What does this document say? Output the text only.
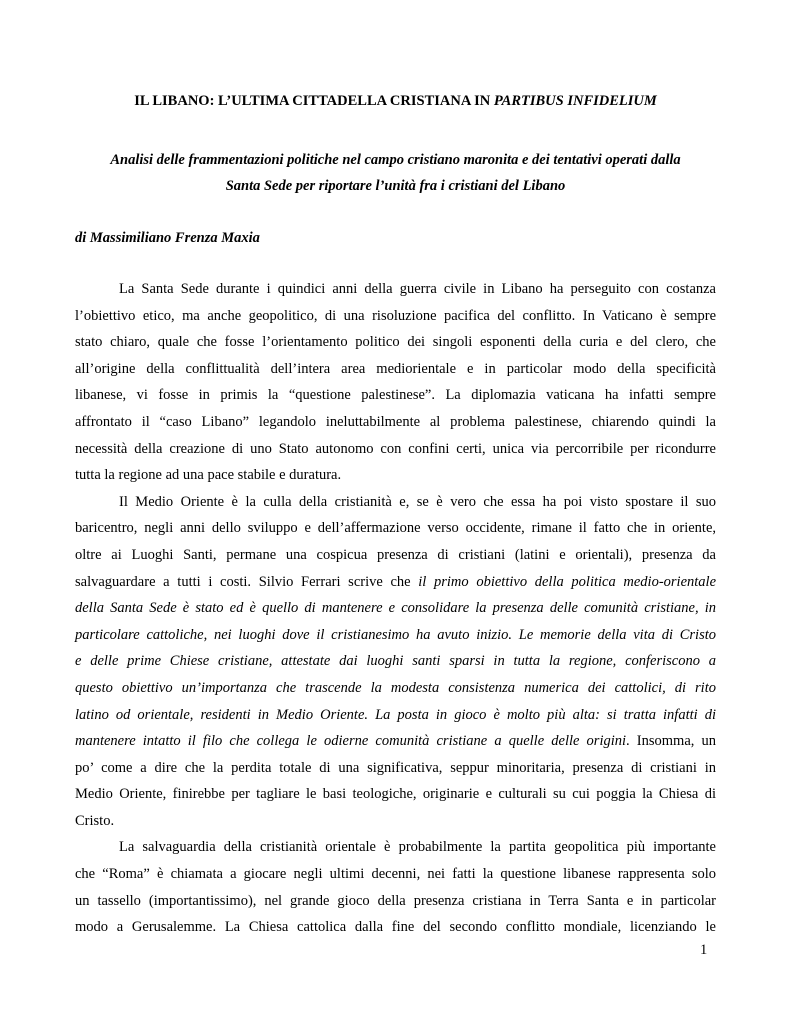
IL LIBANO: L’ULTIMA CITTADELLA CRISTIANA IN PARTIBUS INFIDELIUM
Analisi delle frammentazioni politiche nel campo cristiano maronita e dei tentativi operati dalla
Santa Sede per riportare l’unità fra i cristiani del Libano
di Massimiliano Frenza Maxia
La Santa Sede durante i quindici anni della guerra civile in Libano ha perseguito con costanza
l’obiettivo etico, ma anche geopolitico, di una risoluzione pacifica del conflitto. In Vaticano è sempre
stato chiaro, quale che fosse l’orientamento politico dei singoli esponenti della curia e del clero, che
all’origine della conflittualità dell’intera area mediorientale e in particolar modo della specificità
libanese, vi fosse in primis la “questione palestinese”. La diplomazia vaticana ha infatti sempre
affrontato il “caso Libano” legandolo ineluttabilmente al problema palestinese, chiarendo quindi la
necessità della creazione di uno Stato autonomo con confini certi, unica via percorribile per ricondurre
tutta la regione ad una pace stabile e duratura.
Il Medio Oriente è la culla della cristianità e, se è vero che essa ha poi visto spostare il suo
baricentro, negli anni dello sviluppo e dell’affermazione verso occidente, rimane il fatto che in oriente,
oltre ai Luoghi Santi, permane una cospicua presenza di cristiani (latini e orientali), presenza da
salvaguardare a tutti i costi. Silvio Ferrari scrive che il primo obiettivo della politica medio-orientale
della Santa Sede è stato ed è quello di mantenere e consolidare la presenza delle comunità cristiane, in
particolare cattoliche, nei luoghi dove il cristianesimo ha avuto inizio. Le memorie della vita di Cristo
e delle prime Chiese cristiane, attestate dai luoghi santi sparsi in tutta la regione, conferiscono a
questo obiettivo un’importanza che trascende la modesta consistenza numerica dei cattolici, di rito
latino od orientale, residenti in Medio Oriente. La posta in gioco è molto più alta: si tratta infatti di
mantenere intatto il filo che collega le odierne comunità cristiane a quelle delle origini. Insomma, un
po’ come a dire che la perdita totale di una significativa, seppur minoritaria, presenza di cristiani in
Medio Oriente, finirebbe per tagliare le basi teologiche, originarie e culturali su cui poggia la Chiesa di
Cristo.
La salvaguardia della cristianità orientale è probabilmente la partita geopolitica più importante
che “Roma” è chiamata a giocare negli ultimi decenni, nei fatti la questione libanese rappresenta solo
un tassello (importantissimo), nel grande gioco della presenza cristiana in Terra Santa e in particolar
modo a Gerusalemme. La Chiesa cattolica dalla fine del secondo conflitto mondiale, licenziando le
1
